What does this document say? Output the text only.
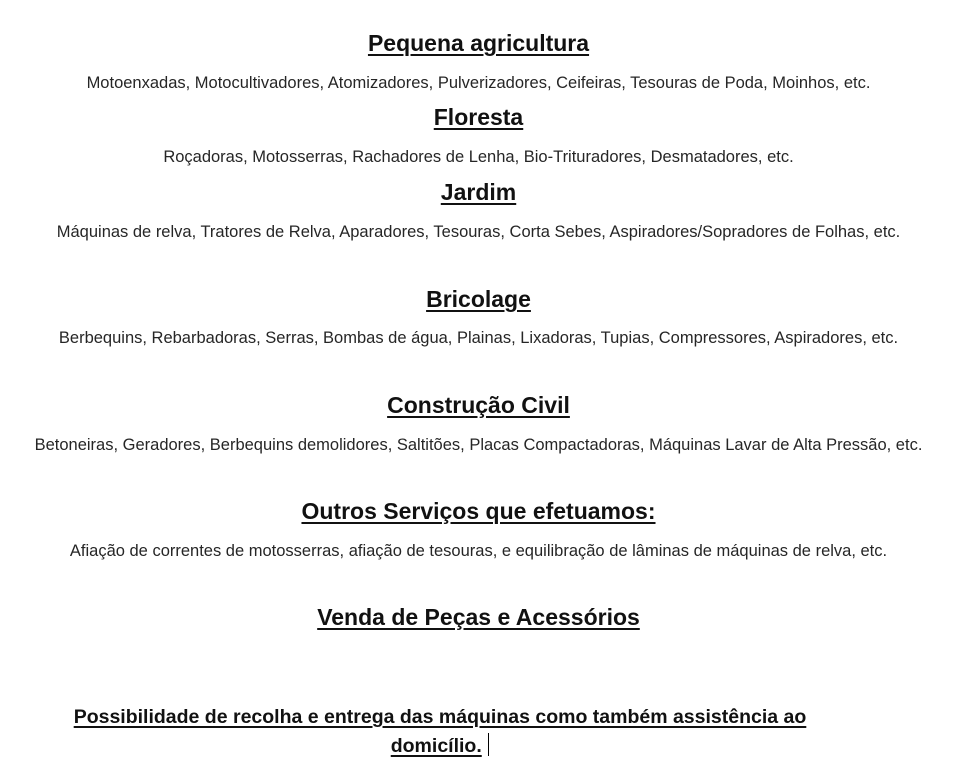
Pequena agricultura

Motoenxadas, Motocultivadores, Atomizadores, Pulverizadores, Ceifeiras, Tesouras de Poda, Moinhos, etc.

Floresta

Roçadoras, Motosserras, Rachadores de Lenha, Bio-Trituradores, Desmatadores, etc.

Jardim

Máquinas de relva, Tratores de Relva, Aparadores, Tesouras, Corta Sebes, Aspiradores/Sopradores de Folhas, etc.

Bricolage

Berbequins, Rebarbadoras, Serras, Bombas de água, Plainas, Lixadoras, Tupias, Compressores, Aspiradores, etc.

Construção Civil

Betoneiras, Geradores, Berbequins demolidores, Saltitões, Placas Compactadoras, Máquinas Lavar de Alta Pressão, etc.

Outros Serviços que efetuamos:

Afiação de correntes de motosserras, afiação de tesouras, e equilibração de lâminas de máquinas de relva, etc.

Venda de Peças e Acessórios

Possibilidade de recolha e entrega das máquinas como também assistência ao domicílio.
